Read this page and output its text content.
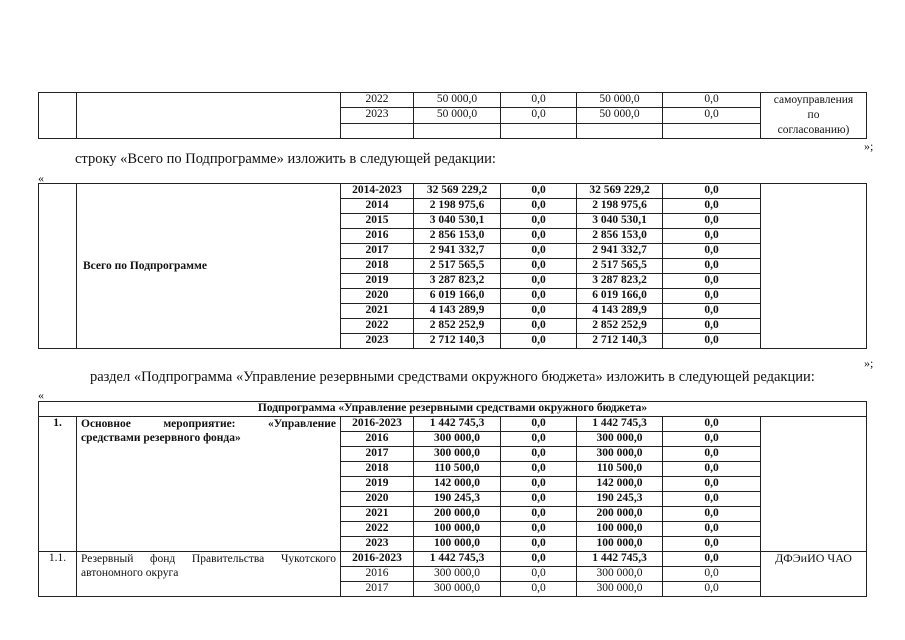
		2022	50 000,0	0,0	50 000,0	0,0	самоуправления
по
согласованию)

		2023	50 000,0	0,0	50 000,0	0,0	

»;
строку «Всего по Подпрограмме» изложить в следующей редакции:
«
	Всего по Подпрограмме	2014-2023	32 569 229,2	0,0	32 569 229,2	0,0	
		2014	2 198 975,6	0,0	2 198 975,6	0,0	
		2015	3 040 530,1	0,0	3 040 530,1	0,0	
		2016	2 856 153,0	0,0	2 856 153,0	0,0	
		2017	2 941 332,7	0,0	2 941 332,7	0,0	
		2018	2 517 565,5	0,0	2 517 565,5	0,0	
		2019	3 287 823,2	0,0	3 287 823,2	0,0	
		2020	6 019 166,0	0,0	6 019 166,0	0,0	
		2021	4 143 289,9	0,0	4 143 289,9	0,0	
		2022	2 852 252,9	0,0	2 852 252,9	0,0	
		2023	2 712 140,3	0,0	2 712 140,3	0,0	
»;
раздел «Подпрограмма «Управление резервными средствами окружного бюджета» изложить в следующей редакции:
«
Подпрограмма «Управление резервными средствами окружного бюджета»							
1.	Основное мероприятие: «Управление средствами резервного фонда»	2016-2023	1 442 745,3	0,0	1 442 745,3	0,0	
		2016	300 000,0	0,0	300 000,0	0,0	
		2017	300 000,0	0,0	300 000,0	0,0	
		2018	110 500,0	0,0	110 500,0	0,0	
		2019	142 000,0	0,0	142 000,0	0,0	
		2020	190 245,3	0,0	190 245,3	0,0	
		2021	200 000,0	0,0	200 000,0	0,0	
		2022	100 000,0	0,0	100 000,0	0,0	
		2023	100 000,0	0,0	100 000,0	0,0	
1.1.	Резервный фонд Правительства Чукотского автономного округа	2016-2023	1 442 745,3	0,0	1 442 745,3	0,0	ДФЭиИО ЧАО
		2016	300 000,0	0,0	300 000,0	0,0	
		2017	300 000,0	0,0	300 000,0	0,0	
